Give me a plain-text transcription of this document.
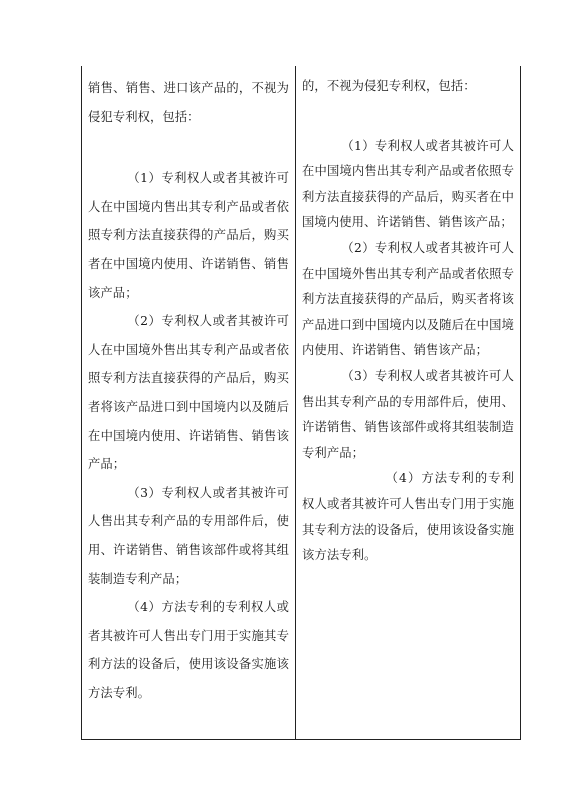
销售、销售、进口该产品的，不视为侵犯专利权，包括：

（1）专利权人或者其被许可人在中国境内售出其专利产品或者依照专利方法直接获得的产品后，购买者在中国境内使用、许诺销售、销售该产品；

（2）专利权人或者其被许可人在中国境外售出其专利产品或者依照专利方法直接获得的产品后，购买者将该产品进口到中国境内以及随后在中国境内使用、许诺销售、销售该产品；

（3）专利权人或者其被许可人售出其专利产品的专用部件后，使用、许诺销售、销售该部件或将其组装制造专利产品；

（4）方法专利的专利权人或者其被许可人售出专门用于实施其专利方法的设备后，使用该设备实施该方法专利。

的，不视为侵犯专利权，包括：

（1）专利权人或者其被许可人在中国境内售出其专利产品或者依照专利方法直接获得的产品后，购买者在中国境内使用、许诺销售、销售该产品；

（2）专利权人或者其被许可人在中国境外售出其专利产品或者依照专利方法直接获得的产品后，购买者将该产品进口到中国境内以及随后在中国境内使用、许诺销售、销售该产品；

（3）专利权人或者其被许可人售出其专利产品的专用部件后，使用、许诺销售、销售该部件或将其组装制造专利产品；

（4）方法专利的专利权人或者其被许可人售出专门用于实施其专利方法的设备后，使用该设备实施该方法专利。
